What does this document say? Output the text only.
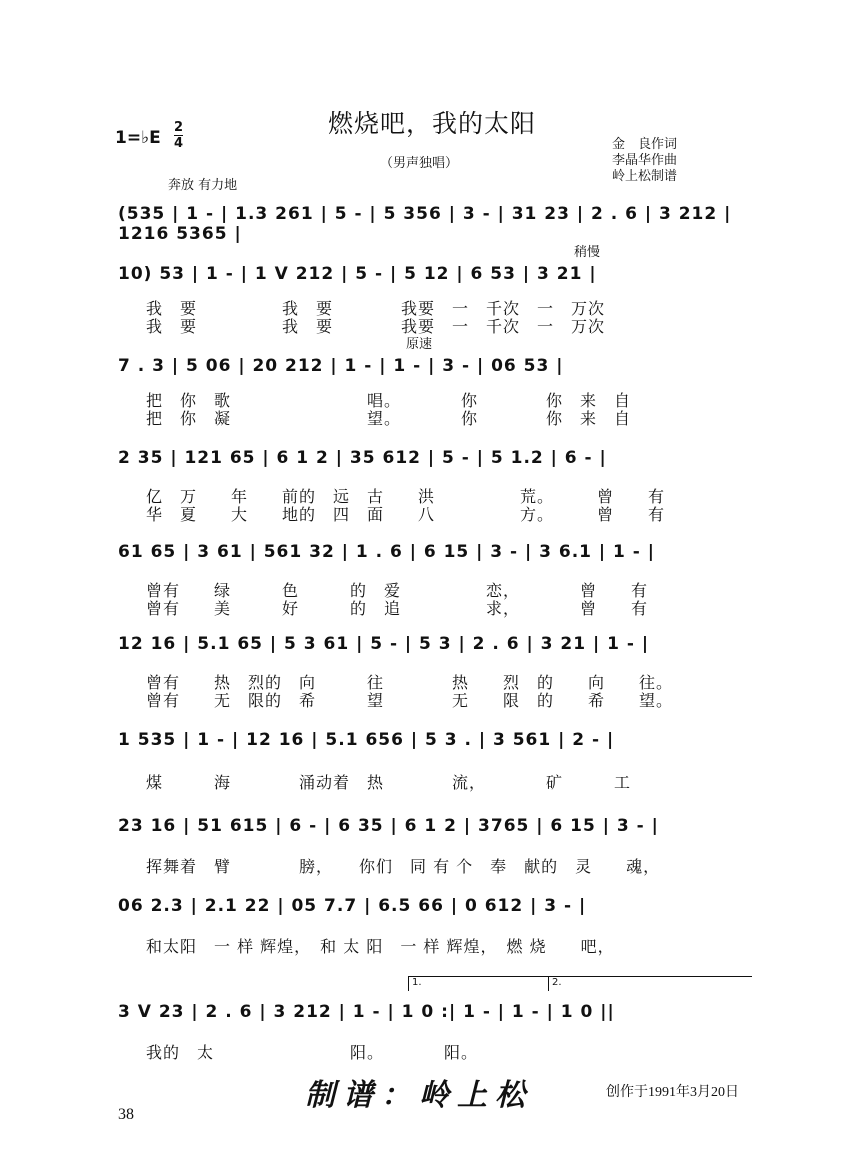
燃烧吧，我的太阳
1=♭E
2
4
（男声独唱）
金　良作词
李晶华作曲
岭上松制谱
奔放 有力地
稍慢
原速
(535 | 1 - | 1.3 261 | 5 - | 5 356 | 3 - | 31 23 | 2 . 6 | 3 212 | 1216 5365 |
10) 53 | 1 - | 1 V 212 | 5 - | 5 12 | 6 53 | 3 21 |
我　要　　　　　我　要　　　　我要　一　千次　一　万次
我　要　　　　　我　要　　　　我要　一　千次　一　万次
7 . 3 | 5 06 | 20 212 | 1 - | 1 - | 3 - | 06 53 |
把　你　歌　　　　　　　　唱。　　　　你　　　　你　来　自
把　你　凝　　　　　　　　望。　　　　你　　　　你　来　自
2 35 | 121 65 | 6 1 2 | 35 612 | 5 - | 5 1.2 | 6 - |
亿　万　　年　　前的　远　古　　洪　　　　　荒。　　　曾　　有
华　夏　　大　　地的　四　面　　八　　　　　方。　　　曾　　有
61 65 | 3 61 | 561 32 | 1 . 6 | 6 15 | 3 - | 3 6.1 | 1 - |
曾有　　绿　　　色　　　的　爱　　　　　恋，　　　　曾　　有
曾有　　美　　　好　　　的　追　　　　　求，　　　　曾　　有
12 16 | 5.1 65 | 5 3 61 | 5 - | 5 3 | 2 . 6 | 3 21 | 1 - |
曾有　　热　烈的　向　　　往　　　　热　　烈　的　　向　　往。
曾有　　无　限的　希　　　望　　　　无　　限　的　　希　　望。
1 535 | 1 - | 12 16 | 5.1 656 | 5 3 . | 3 561 | 2 - |
煤　　　海　　　　涌动着　热　　　　流，　　　　矿　　　工
23 16 | 51 615 | 6 - | 6 35 | 6 1 2 | 3765 | 6 15 | 3 - |
挥舞着　臂　　　　膀，　　你们　同 有 个　奉　献的　灵　　魂，
06 2.3 | 2.1 22 | 05 7.7 | 6.5 66 | 0 612 | 3 - |
和太阳　一 样 辉煌，　和 太 阳　一 样 辉煌，　燃 烧　　吧，
3 V 23 | 2 . 6 | 3 212 | 1 - | 1 0 :| 1 - | 1 - | 1 0 ||
我的　太　　　　　　　　阳。　　　　阳。
1.	2.
制谱：岭上松	创作于1991年3月20日
38
